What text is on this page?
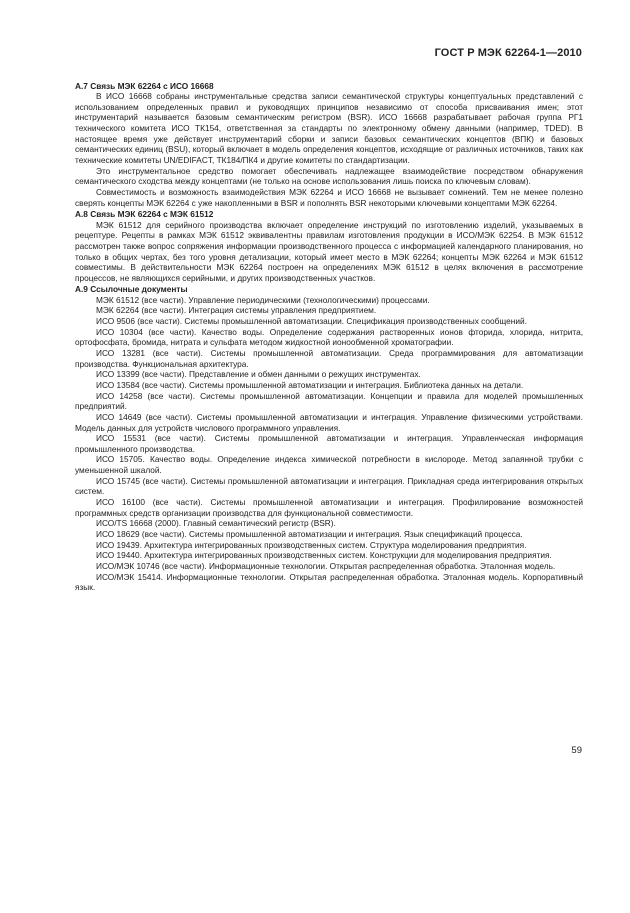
ГОСТ Р МЭК 62264-1—2010

А.7 Связь МЭК 62264 с ИСО 16668

В ИСО 16668 собраны инструментальные средства записи семантической структуры концептуальных представлений с использованием определенных правил и руководящих принципов независимо от способа присваивания имен; этот инструментарий называется базовым семантическим регистром (BSR). ИСО 16668 разрабатывает рабочая группа РГ1 технического комитета ИСО ТК154, ответственная за стандарты по электронному обмену данными (например, TDED). В настоящее время уже действует инструментарий сборки и записи базовых семантических концептов (ВПК) и базовых семантических единиц (BSU), который включает в модель определения концептов, исходящие от различных источников, таких как технические комитеты UN/EDIFACT, ТК184/ПК4 и другие комитеты по стандартизации.

Это инструментальное средство помогает обеспечивать надлежащее взаимодействие посредством обнаружения семантического сходства между концептами (не только на основе использования лишь поиска по ключевым словам).

Совместимость и возможность взаимодействия МЭК 62264 и ИСО 16668 не вызывает сомнений. Тем не менее полезно сверять концепты МЭК 62264 с уже накопленными в BSR и пополнять BSR некоторыми ключевыми концептами МЭК 62264.

А.8 Связь МЭК 62264 с МЭК 61512

МЭК 61512 для серийного производства включает определение инструкций по изготовлению изделий, указываемых в рецептуре. Рецепты в рамках МЭК 61512 эквивалентны правилам изготовления продукции в ИСО/МЭК 62254. В МЭК 61512 рассмотрен также вопрос сопряжения информации производственного процесса с информацией календарного планирования, но только в общих чертах, без того уровня детализации, который имеет место в МЭК 62264; концепты МЭК 62264 и МЭК 61512 совместимы. В действительности МЭК 62264 построен на определениях МЭК 61512 в целях включения в рассмотрение процессов, не являющихся серийными, и других производственных участков.

А.9 Ссылочные документы

МЭК 61512 (все части). Управление периодическими (технологическими) процессами.

МЭК 62264 (все части). Интеграция системы управления предприятием.

ИСО 9506 (все части). Системы промышленной автоматизации. Спецификация производственных сообщений.

ИСО 10304 (все части). Качество воды. Определение содержания растворенных ионов фторида, хлорида, нитрита, ортофосфата, бромида, нитрата и сульфата методом жидкостной ионообменной хроматографии.

ИСО 13281 (все части). Системы промышленной автоматизации. Среда программирования для автоматизации производства. Функциональная архитектура.

ИСО 13399 (все части). Представление и обмен данными о режущих инструментах.

ИСО 13584 (все части). Системы промышленной автоматизации и интеграция. Библиотека данных на детали.

ИСО 14258 (все части). Системы промышленной автоматизации. Концепции и правила для моделей промышленных предприятий.

ИСО 14649 (все части). Системы промышленной автоматизации и интеграция. Управление физическими устройствами. Модель данных для устройств числового программного управления.

ИСО 15531 (все части). Системы промышленной автоматизации и интеграция. Управленческая информация промышленного производства.

ИСО 15705. Качество воды. Определение индекса химической потребности в кислороде. Метод запаянной трубки с уменьшенной шкалой.

ИСО 15745 (все части). Системы промышленной автоматизации и интеграция. Прикладная среда интегрирования открытых систем.

ИСО 16100 (все части). Системы промышленной автоматизации и интеграция. Профилирование возможностей программных средств организации производства для функциональной совместимости.

ИСО/TS 16668 (2000). Главный семантический регистр (BSR).

ИСО 18629 (все части). Системы промышленной автоматизации и интеграция. Язык спецификаций процесса.

ИСО 19439. Архитектура интегрированных производственных систем. Структура моделирования предприятия.

ИСО 19440. Архитектура интегрированных производственных систем. Конструкции для моделирования предприятия.

ИСО/МЭК 10746 (все части). Информационные технологии. Открытая распределенная обработка. Эталонная модель.

ИСО/МЭК 15414. Информационные технологии. Открытая распределенная обработка. Эталонная модель. Корпоративный язык.

59
